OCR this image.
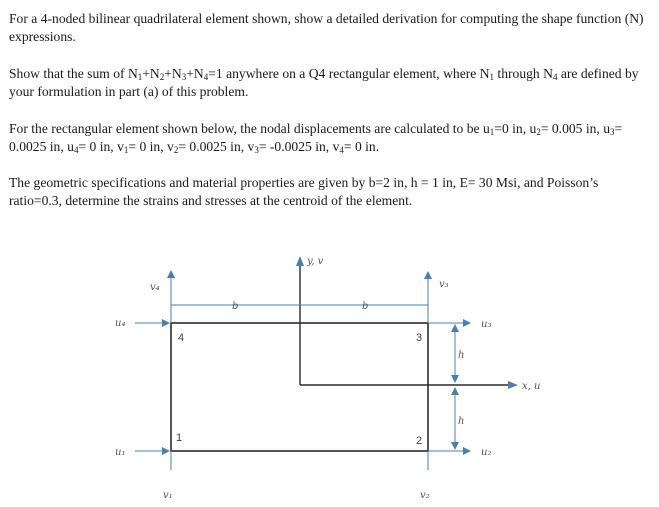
For a 4-noded bilinear quadrilateral element shown, show a detailed derivation for computing the shape function (N) expressions.

Show that the sum of $N_1+N_2+N_3+N_4=1$ anywhere on a Q4 rectangular element, where $N_1$ through $N_4$ are defined by your formulation in part (a) of this problem.

For the rectangular element shown below, the nodal displacements are calculated to be $u_1=0$ in, $u_2= 0.005$ in, $u_3= 0.0025$ in, $u_4= 0$ in, $v_1= 0$ in, $v_2= 0.0025$ in, $v_3= -0.0025$ in, $v_4= 0$ in.

The geometric specifications and material properties are given by b=2 in, h = 1 in, E= 30 Msi, and Poisson’s ratio=0.3, determine the strains and stresses at the centroid of the element.

y, v
x, u
b	b
h
h
4	3
1	2
u₄
v₄
u₃
v₃
u₁
v₁
u₂
v₂
